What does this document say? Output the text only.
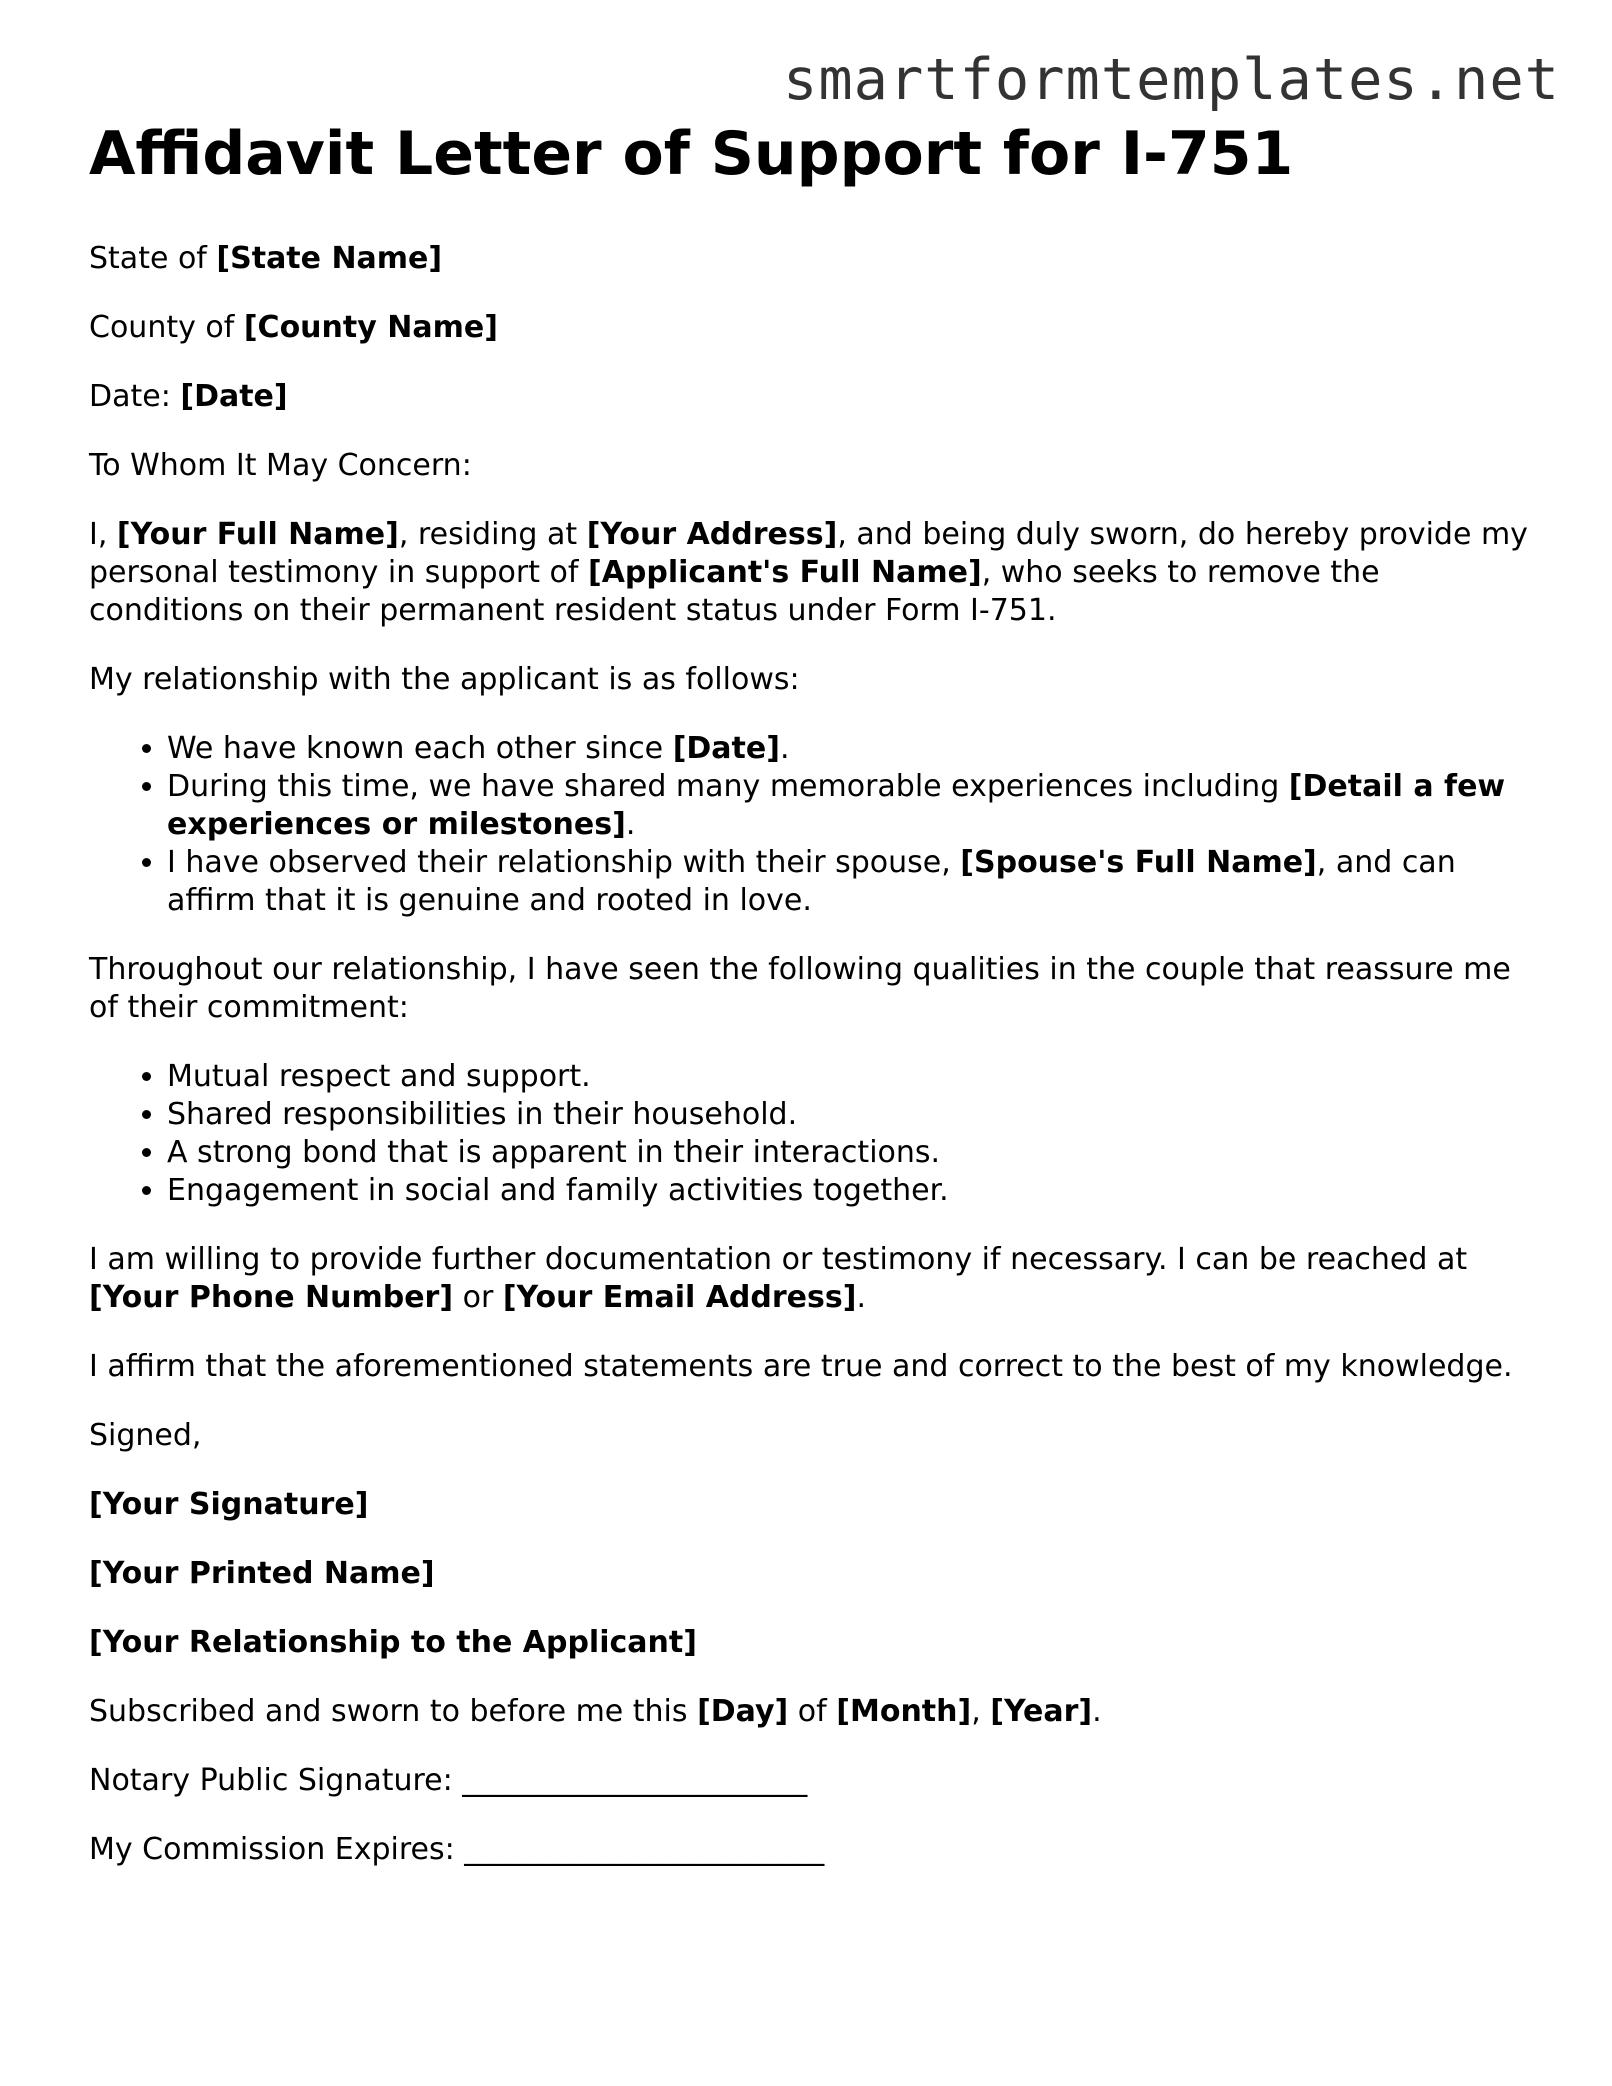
smartformtemplates.net
Affidavit Letter of Support for I-751

State of [State Name]

County of [County Name]

Date: [Date]

To Whom It May Concern:

I, [Your Full Name], residing at [Your Address], and being duly sworn, do hereby provide my personal testimony in support of [Applicant's Full Name], who seeks to remove the conditions on their permanent resident status under Form I-751.

My relationship with the applicant is as follows:

• We have known each other since [Date].
• During this time, we have shared many memorable experiences including [Detail a few experiences or milestones].
• I have observed their relationship with their spouse, [Spouse's Full Name], and can affirm that it is genuine and rooted in love.

Throughout our relationship, I have seen the following qualities in the couple that reassure me of their commitment:

• Mutual respect and support.
• Shared responsibilities in their household.
• A strong bond that is apparent in their interactions.
• Engagement in social and family activities together.

I am willing to provide further documentation or testimony if necessary. I can be reached at [Your Phone Number] or [Your Email Address].

I affirm that the aforementioned statements are true and correct to the best of my knowledge.

Signed,

[Your Signature]

[Your Printed Name]

[Your Relationship to the Applicant]

Subscribed and sworn to before me this [Day] of [Month], [Year].

Notary Public Signature: _______________________

My Commission Expires: ________________________
